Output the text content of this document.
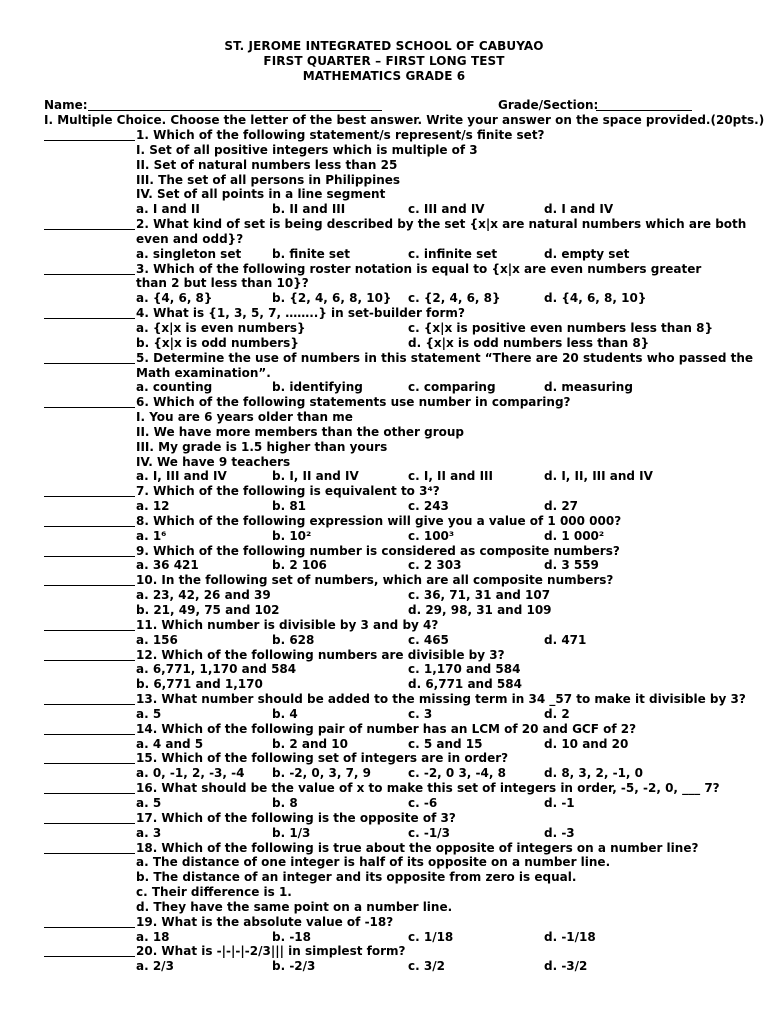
ST. JEROME INTEGRATED SCHOOL OF CABUYAO
FIRST QUARTER – FIRST LONG TEST
MATHEMATICS GRADE 6
Name:	Grade/Section:
I. Multiple Choice. Choose the letter of the best answer. Write your answer on the space provided.(20pts.)
1. Which of the following statement/s represent/s finite set?
I. Set of all positive integers which is multiple of 3
II. Set of natural numbers less than 25
III. The set of all persons in Philippines
IV. Set of all points in a line segment
a. I and II	b. II and III	c. III and IV	d. I and IV
2. What kind of set is being described by the set {x|x are natural numbers which are both
even and odd}?
a. singleton set	b. finite set	c. infinite set	d. empty set
3. Which of the following roster notation is equal to {x|x are even numbers greater
than 2 but less than 10}?
a. {4, 6, 8}	b. {2, 4, 6, 8, 10} c. {2, 4, 6, 8}	d. {4, 6, 8, 10}
4. What is {1, 3, 5, 7, ……..} in set-builder form?
a. {x|x is even numbers}	c. {x|x is positive even numbers less than 8}
b. {x|x is odd numbers}	d. {x|x is odd numbers less than 8}
5. Determine the use of numbers in this statement “There are 20 students who passed the
Math examination”.
a. counting	b. identifying	c. comparing	d. measuring
6. Which of the following statements use number in comparing?
I. You are 6 years older than me
II. We have more members than the other group
III. My grade is 1.5 higher than yours
IV. We have 9 teachers
a. I, III and IV	b. I, II and IV	c. I, II and III	d. I, II, III and IV
7. Which of the following is equivalent to 3⁴?
a. 12	b. 81	c. 243	d. 27
8. Which of the following expression will give you a value of 1 000 000?
a. 1⁶	b. 10²	c. 100³	d. 1 000²
9. Which of the following number is considered as composite numbers?
a. 36 421	b. 2 106	c. 2 303	d. 3 559
10. In the following set of numbers, which are all composite numbers?
a. 23, 42, 26 and 39	c. 36, 71, 31 and 107
b. 21, 49, 75 and 102	d. 29, 98, 31 and 109
11. Which number is divisible by 3 and by 4?
a. 156	b. 628	c. 465	d. 471
12. Which of the following numbers are divisible by 3?
a. 6,771, 1,170 and 584	c. 1,170 and 584
b. 6,771 and 1,170	d. 6,771 and 584
13. What number should be added to the missing term in 34 _57 to make it divisible by 3?
a. 5	b. 4	c. 3	d. 2
14. Which of the following pair of number has an LCM of 20 and GCF of 2?
a. 4 and 5	b. 2 and 10	c. 5 and 15	d. 10 and 20
15. Which of the following set of integers are in order?
a. 0, -1, 2, -3, -4 b. -2, 0, 3, 7, 9	c. -2, 0 3, -4, 8	d. 8, 3, 2, -1, 0
16. What should be the value of x to make this set of integers in order, -5, -2, 0, ___ 7?
a. 5	b. 8	c. -6	d. -1
17. Which of the following is the opposite of 3?
a. 3	b. 1/3	c. -1/3	d. -3
18. Which of the following is true about the opposite of integers on a number line?
a. The distance of one integer is half of its opposite on a number line.
b. The distance of an integer and its opposite from zero is equal.
c. Their difference is 1.
d. They have the same point on a number line.
19. What is the absolute value of -18?
a. 18	b. -18	c. 1/18	d. -1/18
20. What is -|-|-|-2/3||| in simplest form?
a. 2/3	b. -2/3	c. 3/2	d. -3/2
